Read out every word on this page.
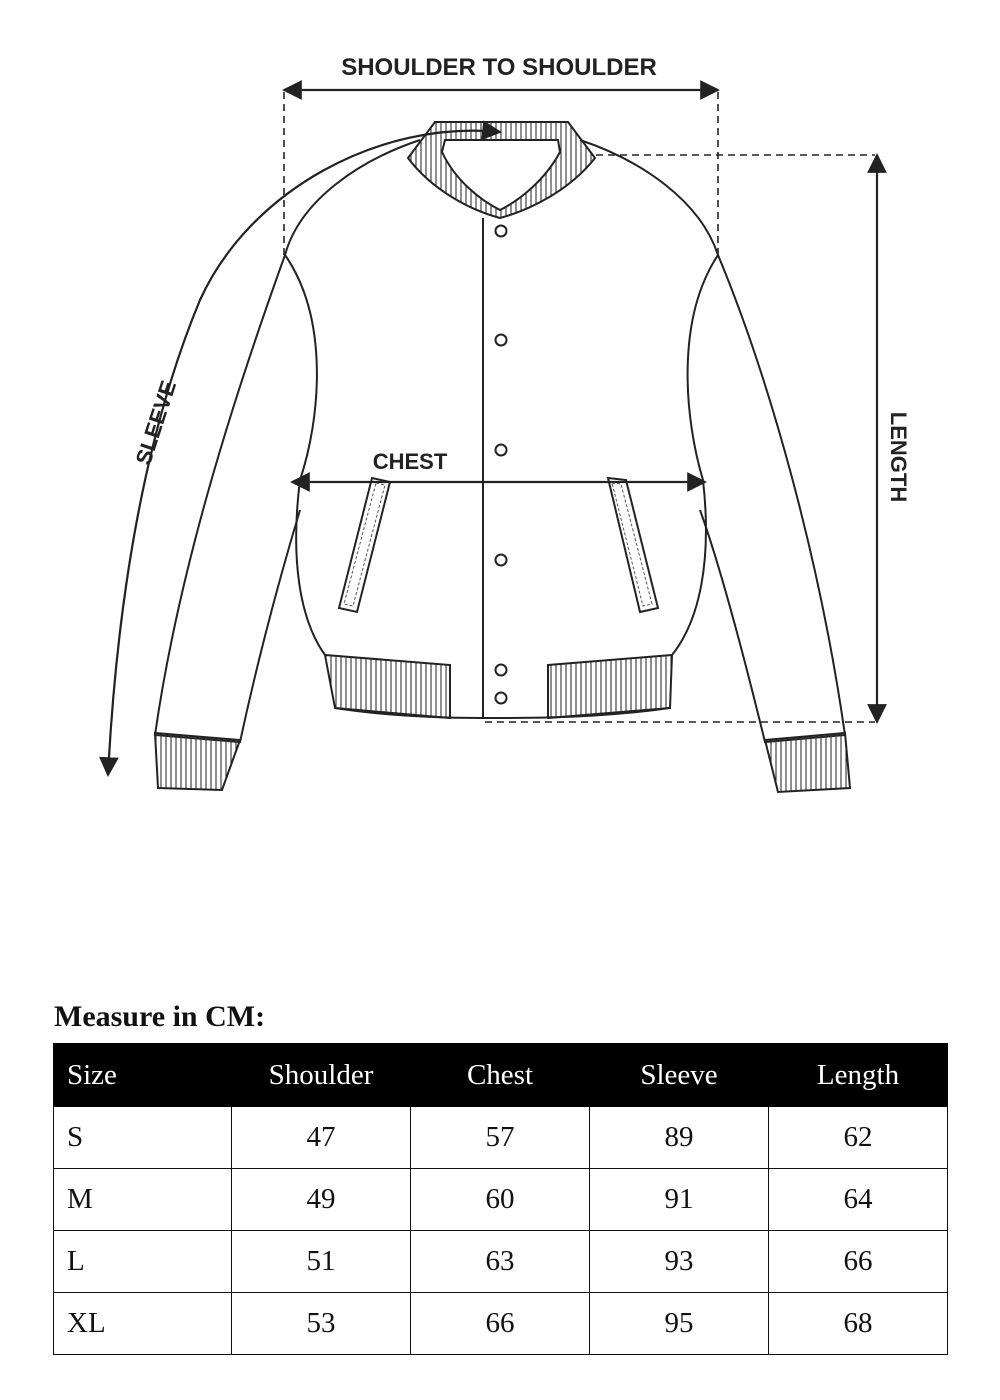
SHOULDER TO SHOULDER
CHEST
SLEEVE	LENGTH
Measure in CM:
Size	Shoulder	Chest	Sleeve	Length
S	47	57	89	62
M	49	60	91	64
L	51	63	93	66
XL	53	66	95	68
